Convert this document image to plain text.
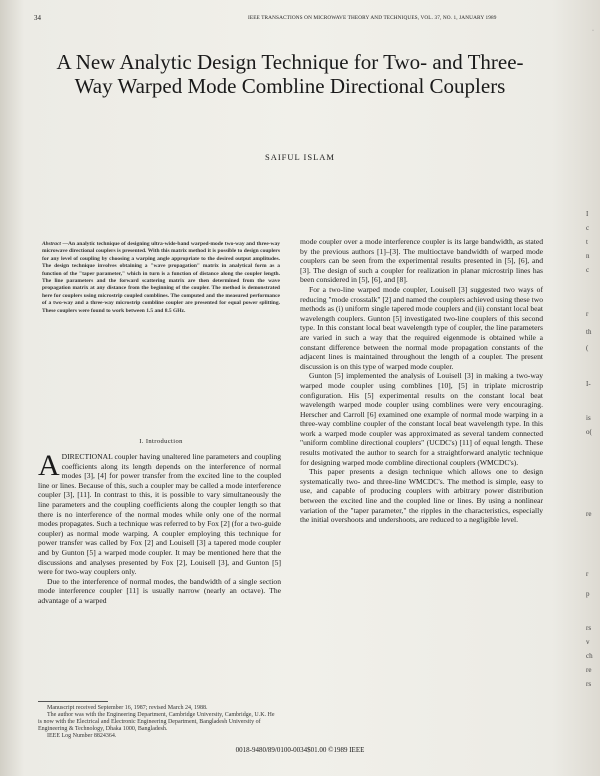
34	IEEE TRANSACTIONS ON MICROWAVE THEORY AND TECHNIQUES, VOL. 37, NO. 1, JANUARY 1989
·
A New Analytic Design Technique for Two- and Three-Way Warped Mode Combline Directional Couplers
SAIFUL ISLAM
Abstract —An analytic technique of designing ultra-wide-band warped-mode two-way and three-way microwave directional couplers is presented. With this matrix method it is possible to design couplers for any level of coupling by choosing a warping angle appropriate to the desired output amplitudes. The design technique involves obtaining a "wave propagation" matrix in analytical form as a function of the "taper parameter," which in turn is a function of distance along the coupler length. The line parameters and the forward scattering matrix are then determined from the wave propagation matrix at any distance from the beginning of the coupler. The method is demonstrated here for couplers using microstrip coupled comblines. The computed and the measured performance of a two-way and a three-way microstrip combline coupler are presented for equal power splitting. These couplers were found to work between 1.5 and 8.5 GHz.
I. Introduction

ADIRECTIONAL coupler having unaltered line parameters and coupling coefficients along its length depends on the interference of normal modes [3], [4] for power transfer from the excited line to the coupled line or lines. Because of this, such a coupler may be called a mode interference coupler [3], [11]. In contrast to this, it is possible to vary simultaneously the line parameters and the coupling coefficients along the coupler length so that there is no interference of the normal modes while only one of the normal modes propagates. Such a technique was referred to by Fox [2] (for a two-guide coupler) as normal mode warping. A coupler employing this technique for power transfer was called by Fox [2] and Louisell [3] a tapered mode coupler and by Gunton [5] a warped mode coupler. It may be mentioned here that the discussions and analyses presented by Fox [2], Louisell [3], and Gunton [5] were for two-way couplers only.

Due to the interference of normal modes, the bandwidth of a single section mode interference coupler [11] is usually narrow (nearly an octave). The advantage of a warped

mode coupler over a mode interference coupler is its large bandwidth, as stated by the previous authors [1]–[3]. The multioctave bandwidth of warped mode couplers can be seen from the experimental results presented in [5], [6], and [3]. The design of such a coupler for realization in planar microstrip lines has been considered in [5], [6], and [8].

For a two-line warped mode coupler, Louisell [3] suggested two ways of reducing "mode crosstalk" [2] and named the couplers achieved using these two methods as (i) uniform single tapered mode couplers and (ii) constant local beat wavelength couplers. Gunton [5] investigated two-line couplers of this second type. In this constant local beat wavelength type of coupler, the line parameters are varied in such a way that the required eigenmode is obtained while a constant difference between the normal mode propagation constants of the adjacent lines is maintained throughout the length of a coupler. The present discussion is on this type of warped mode coupler.

Gunton [5] implemented the analysis of Louisell [3] in making a two-way warped mode coupler using comblines [10], [5] in triplate microstrip configuration. His [5] experimental results on the constant local beat wavelength warped mode coupler using comblines were very encouraging. Herscher and Carroll [6] examined one example of normal mode warping in a three-way combline coupler of the constant local beat wavelength type. In this work a warped mode coupler was approximated as several tandem connected "uniform combline directional couplers" (UCDC's) [11] of equal length. These results motivated the author to search for a straightforward analytic technique for designing warped mode combline directional couplers (WMCDC's).

This paper presents a design technique which allows one to design systematically two- and three-line WMCDC's. The method is simple, easy to use, and capable of producing couplers with arbitrary power distribution between the excited line and the coupled line or lines. By using a nonlinear variation of the "taper parameter," the ripples in the characteristics, especially the initial overshoots and undershoots, are reduced to a negligible level.

Manuscript received September 16, 1987; revised March 24, 1988.

The author was with the Engineering Department, Cambridge University, Cambridge, U.K. He is now with the Electrical and Electronic Engineering Department, Bangladesh University of Engineering & Technology, Dhaka 1000, Bangladesh.

IEEE Log Number 8824364.

0018-9480/89/0100-0034$01.00 ©1989 IEEE
I
c
t
n
c
r
th
(
I-
is
o(
re
r
p
rs
v
ch
re
rs
